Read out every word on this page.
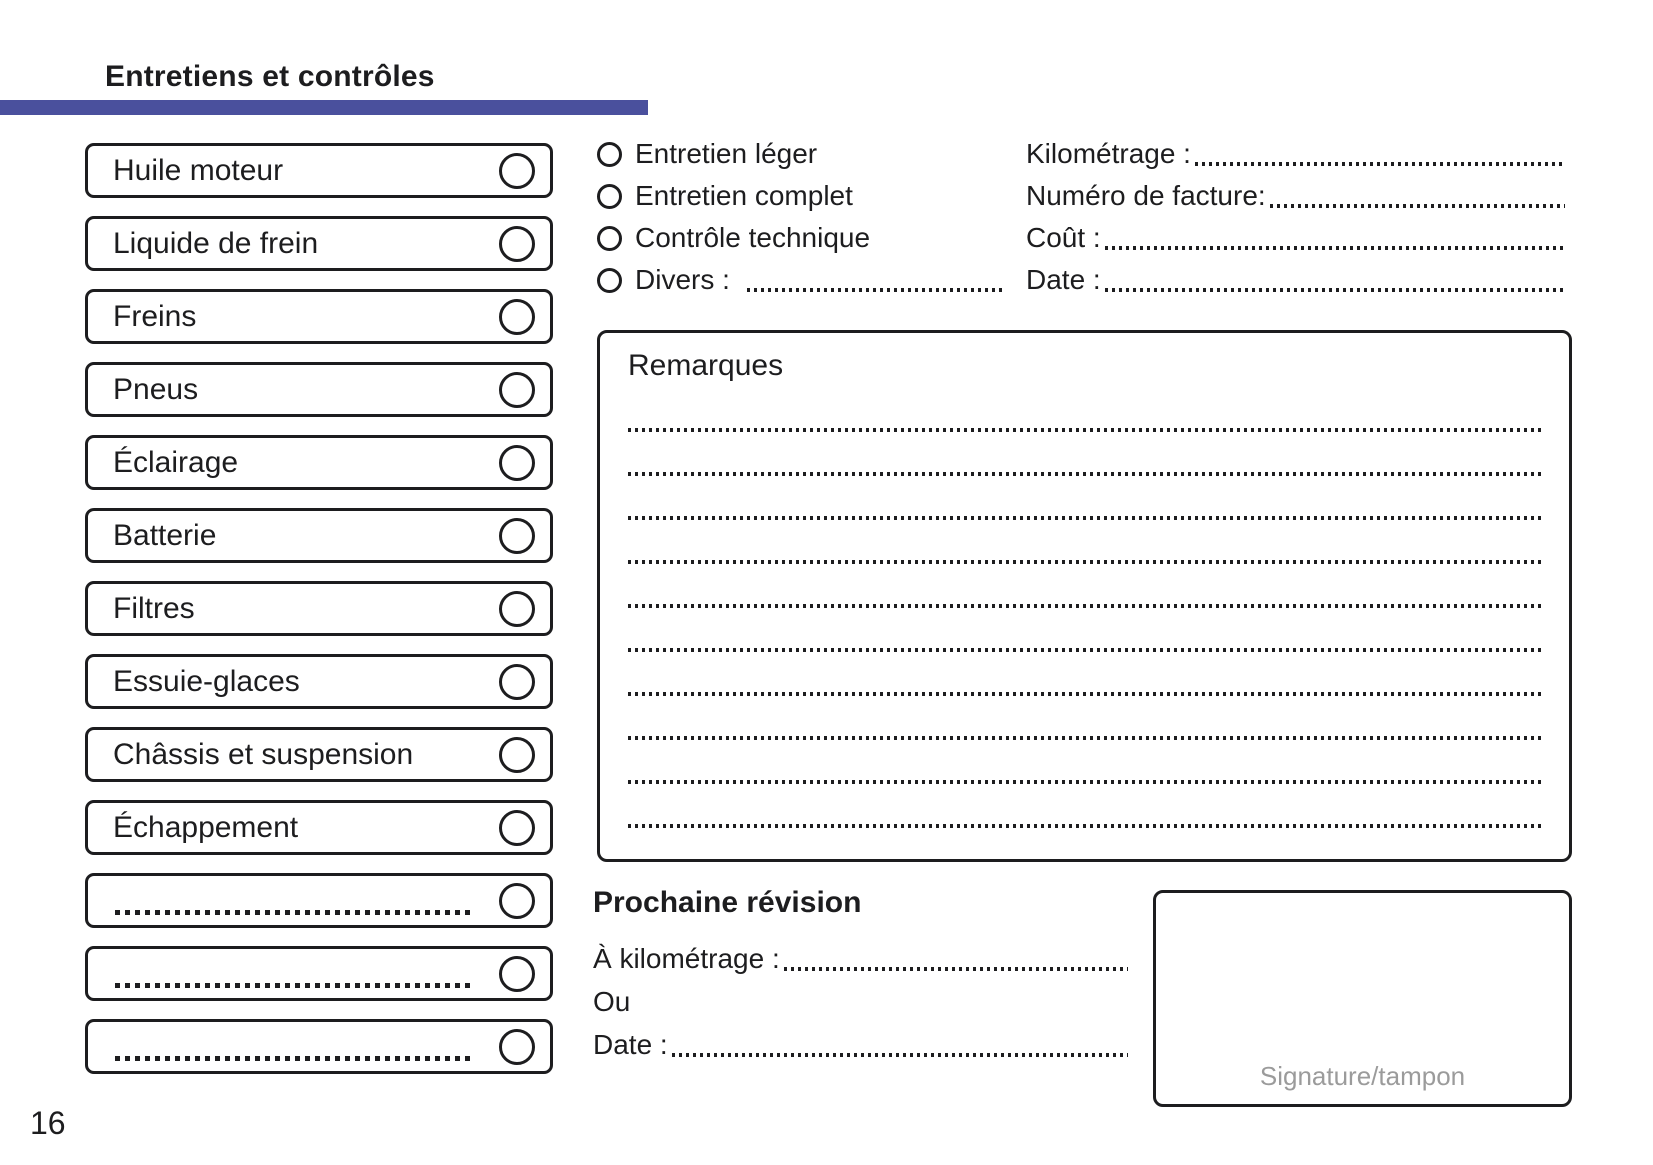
Entretiens et contrôles
Huile moteur
Liquide de frein
Freins
Pneus
Éclairage
Batterie
Filtres
Essuie-glaces
Châssis et suspension
Échappement
Entretien léger
Entretien complet
Contrôle technique
Divers :
Kilométrage :
Numéro de facture:
Coût :
Date :
Remarques
Prochaine révision
À kilométrage :
Ou
Date :
Signature/tampon
16
